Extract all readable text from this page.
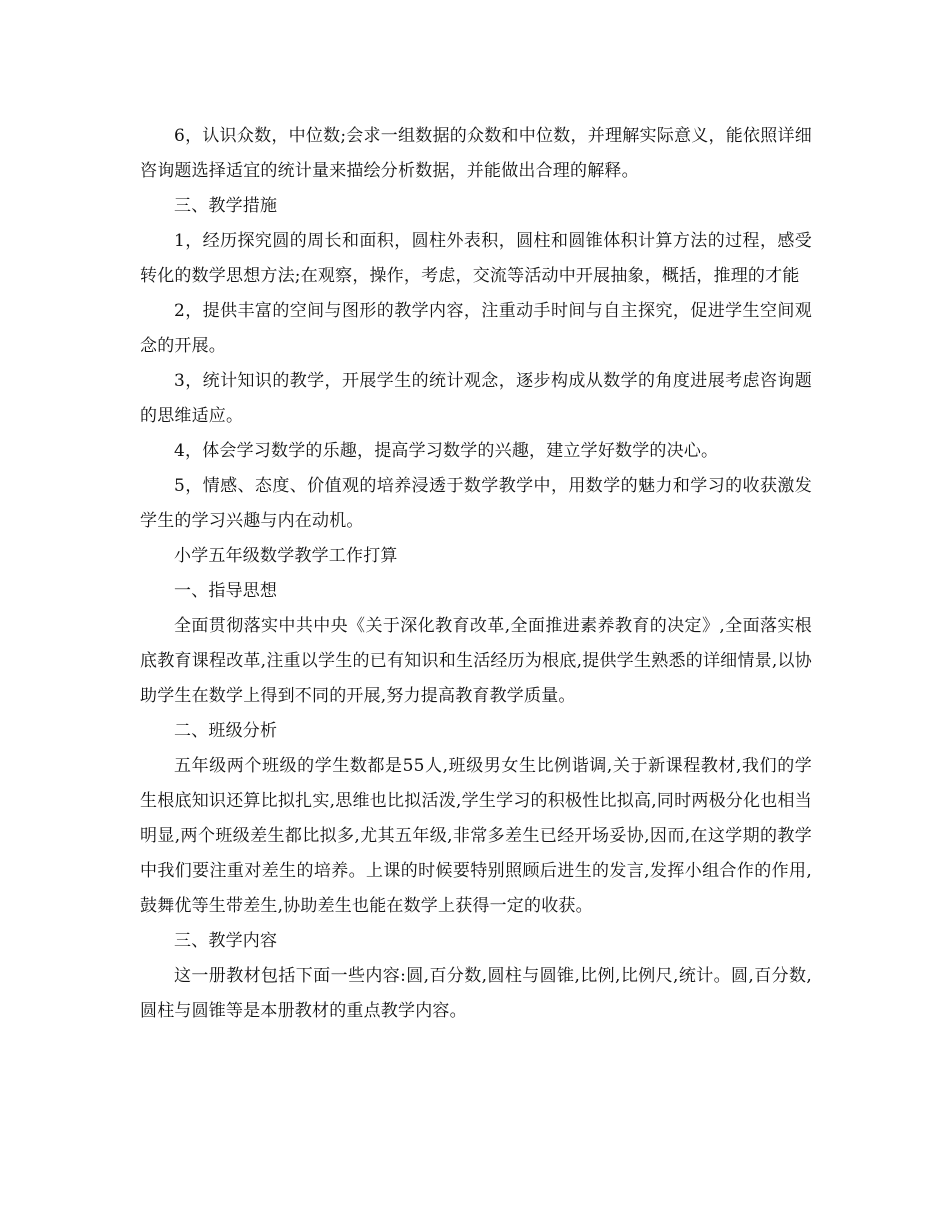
6，认识众数，中位数;会求一组数据的众数和中位数，并理解实际意义，能依照详细咨询题选择适宜的统计量来描绘分析数据，并能做出合理的解释。

三、教学措施

1，经历探究圆的周长和面积，圆柱外表积，圆柱和圆锥体积计算方法的过程，感受转化的数学思想方法;在观察，操作，考虑，交流等活动中开展抽象，概括，推理的才能

2，提供丰富的空间与图形的教学内容，注重动手时间与自主探究，促进学生空间观念的开展。

3，统计知识的教学，开展学生的统计观念，逐步构成从数学的角度进展考虑咨询题的思维适应。

4，体会学习数学的乐趣，提高学习数学的兴趣，建立学好数学的决心。

5，情感、态度、价值观的培养浸透于数学教学中，用数学的魅力和学习的收获激发学生的学习兴趣与内在动机。

小学五年级数学教学工作打算

一、指导思想

全面贯彻落实中共中央《关于深化教育改革,全面推进素养教育的决定》,全面落实根底教育课程改革,注重以学生的已有知识和生活经历为根底,提供学生熟悉的详细情景,以协助学生在数学上得到不同的开展,努力提高教育教学质量。

二、班级分析

五年级两个班级的学生数都是55人,班级男女生比例谐调,关于新课程教材,我们的学生根底知识还算比拟扎实,思维也比拟活泼,学生学习的积极性比拟高,同时两极分化也相当明显,两个班级差生都比拟多,尤其五年级,非常多差生已经开场妥协,因而,在这学期的教学中我们要注重对差生的培养。上课的时候要特别照顾后进生的发言,发挥小组合作的作用,鼓舞优等生带差生,协助差生也能在数学上获得一定的收获。

三、教学内容

这一册教材包括下面一些内容:圆,百分数,圆柱与圆锥,比例,比例尺,统计。圆,百分数,圆柱与圆锥等是本册教材的重点教学内容。
